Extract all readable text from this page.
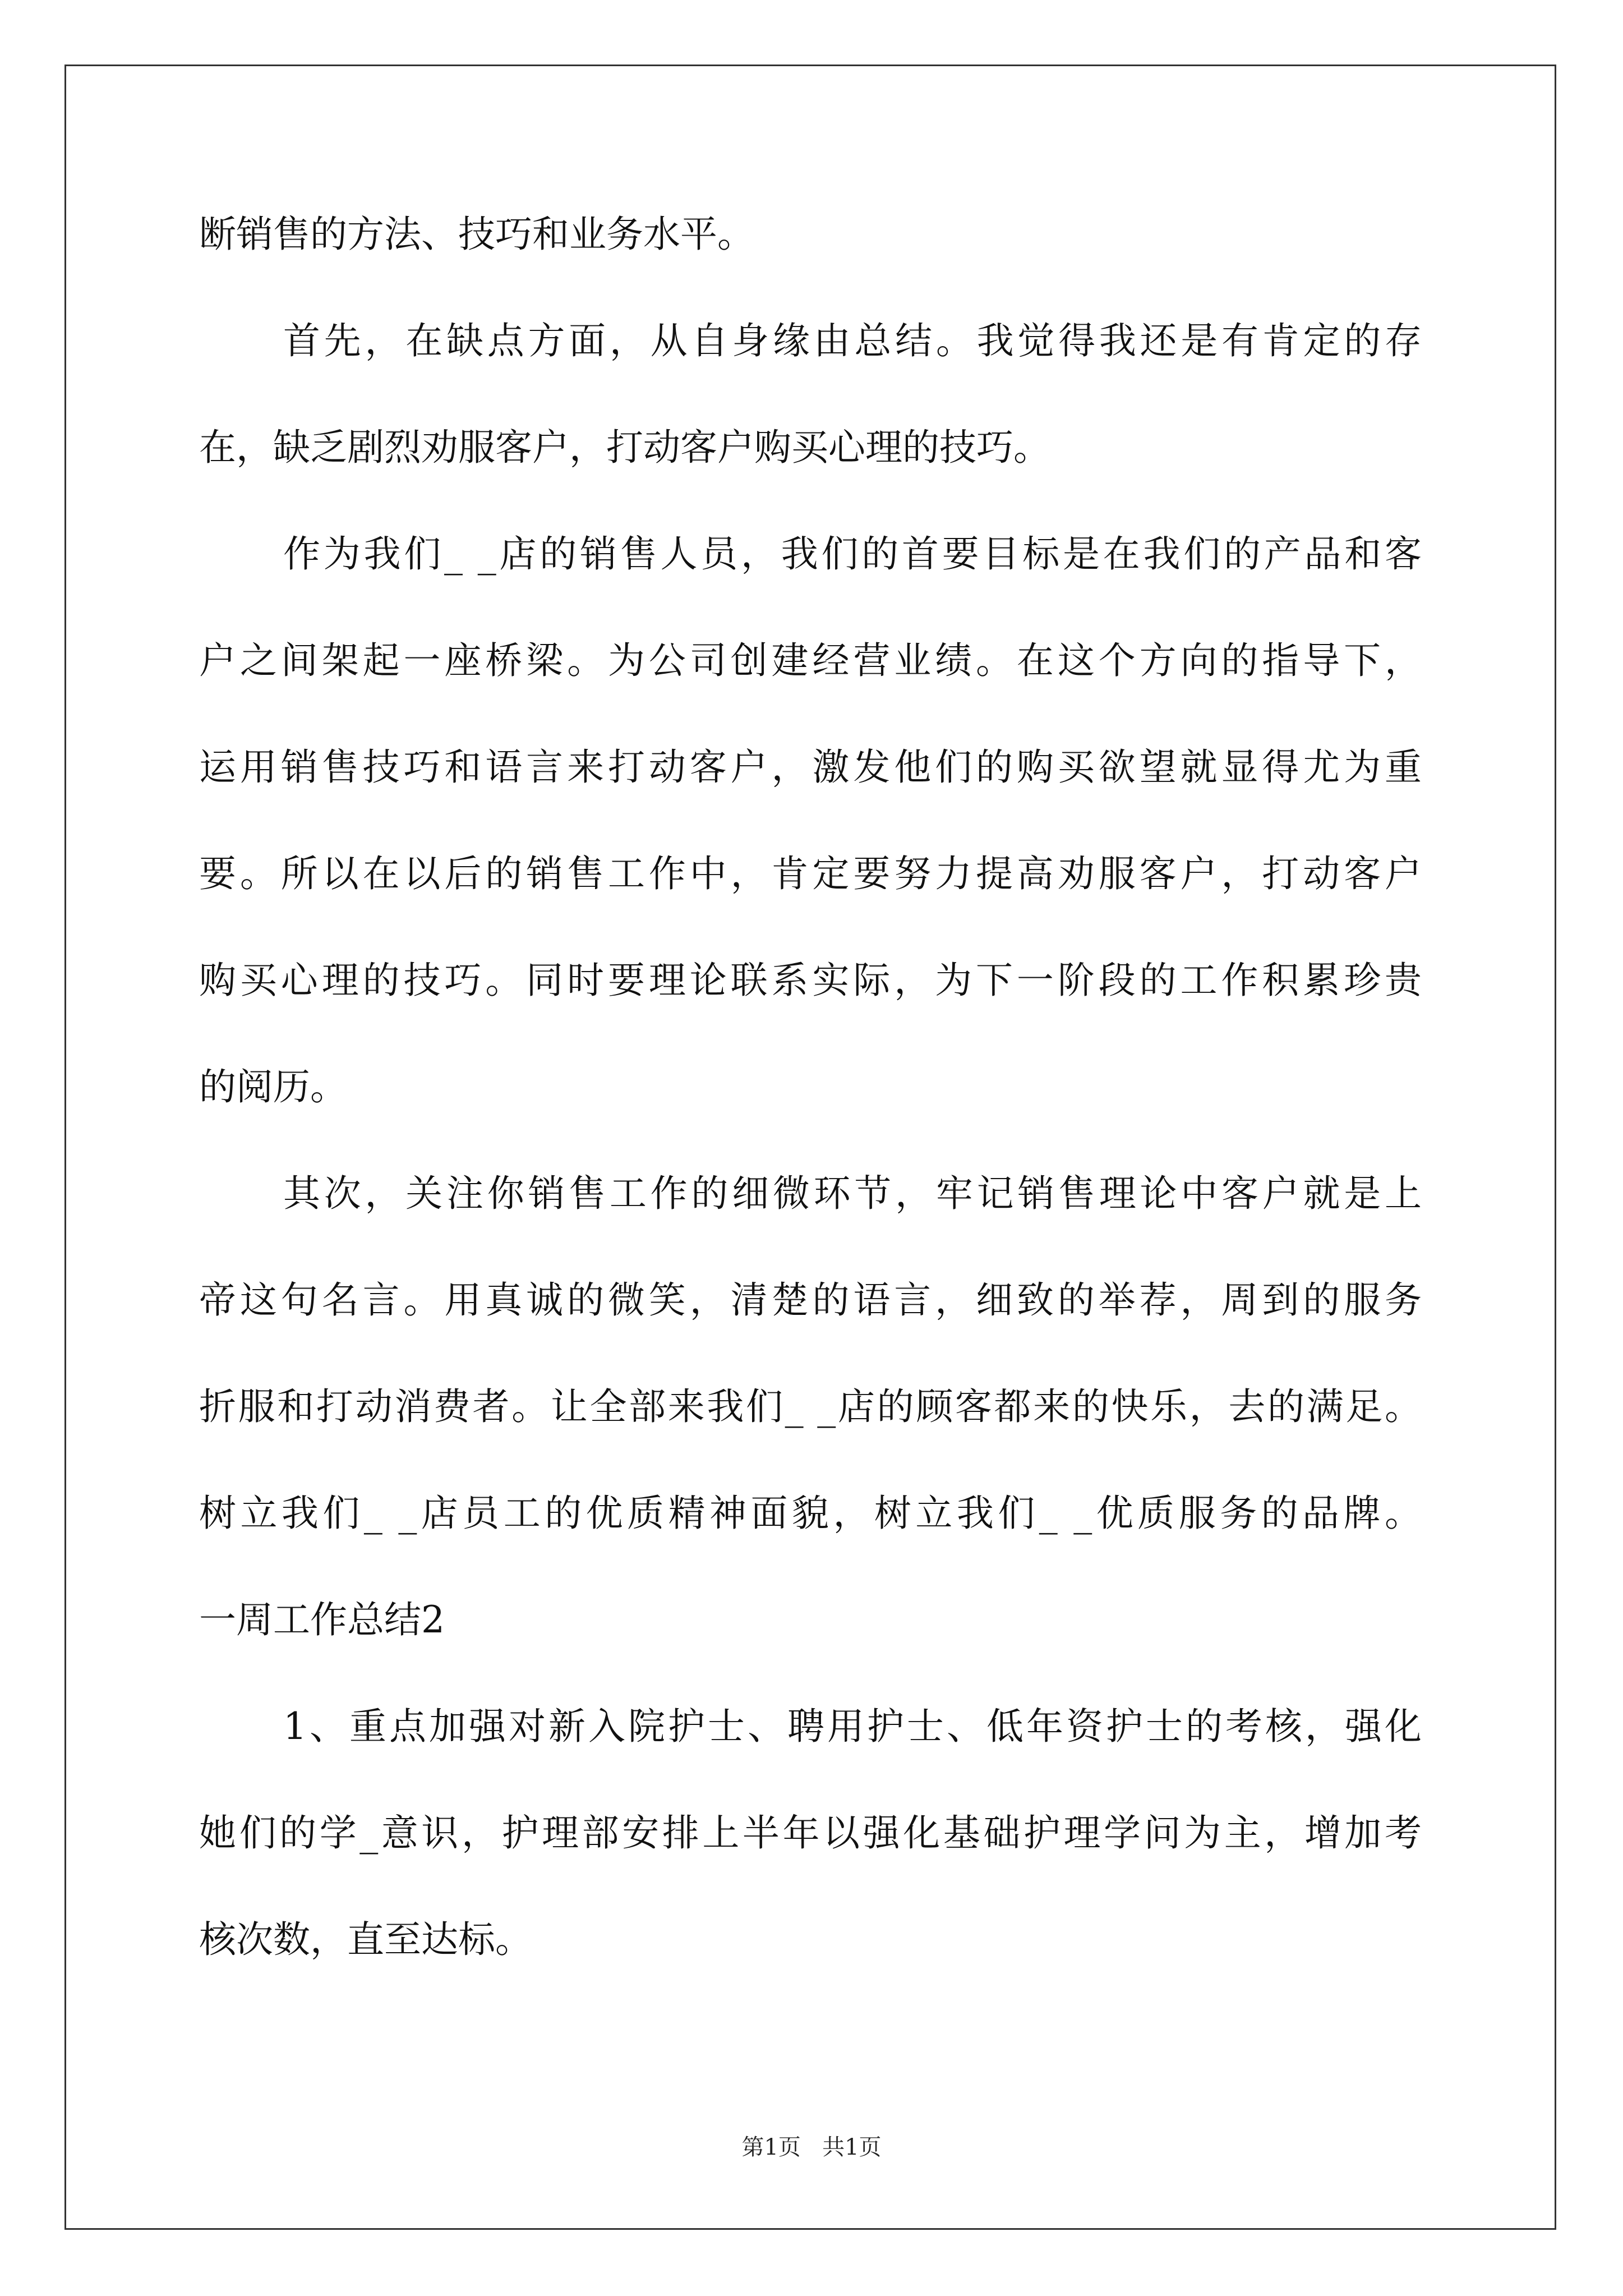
断销售的方法、技巧和业务水平。
首先，在缺点方面，从自身缘由总结。我觉得我还是有肯定的存
在，缺乏剧烈劝服客户，打动客户购买心理的技巧。
作为我们_ _店的销售人员，我们的首要目标是在我们的产品和客
户之间架起一座桥梁。为公司创建经营业绩。在这个方向的指导下，
运用销售技巧和语言来打动客户，激发他们的购买欲望就显得尤为重
要。所以在以后的销售工作中，肯定要努力提高劝服客户，打动客户
购买心理的技巧。同时要理论联系实际，为下一阶段的工作积累珍贵
的阅历。
其次，关注你销售工作的细微环节，牢记销售理论中客户就是上
帝这句名言。用真诚的微笑，清楚的语言，细致的举荐，周到的服务
折服和打动消费者。让全部来我们_ _店的顾客都来的快乐，去的满足。
树立我们_ _店员工的优质精神面貌，树立我们_ _优质服务的品牌。
一周工作总结2
1、重点加强对新入院护士、聘用护士、低年资护士的考核，强化
她们的学_意识，护理部安排上半年以强化基础护理学问为主，增加考
核次数，直至达标。
第1页 共1页
